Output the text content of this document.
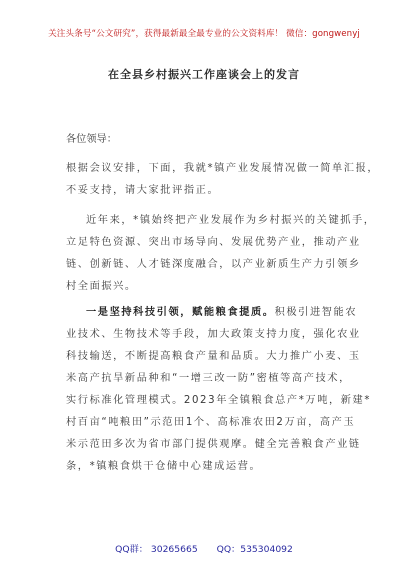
关注头条号“公文研究”，获得最新最全最专业的公文资料库！ 微信：gongwenyj
在全县乡村振兴工作座谈会上的发言
各位领导：
根据会议安排，下面，我就*镇产业发展情况做一简单汇报，
不妥支持，请大家批评指正。
近年来，*镇始终把产业发展作为乡村振兴的关键抓手，
立足特色资源、突出市场导向、发展优势产业，推动产业
链、创新链、人才链深度融合，以产业新质生产力引领乡
村全面振兴。
一是坚持科技引领，赋能粮食提质。积极引进智能农
业技术、生物技术等手段，加大政策支持力度，强化农业
科技输送，不断提高粮食产量和品质。大力推广小麦、玉
米高产抗旱新品种和“一增三改一防”密植等高产技术，
实行标准化管理模式。2023年全镇粮食总产*万吨，新建*
村百亩“吨粮田”示范田1个、高标准农田2万亩，高产玉
米示范田多次为省市部门提供观摩。健全完善粮食产业链
条，*镇粮食烘干仓储中心建成运营。
QQ群： 30265665 QQ：535304092
